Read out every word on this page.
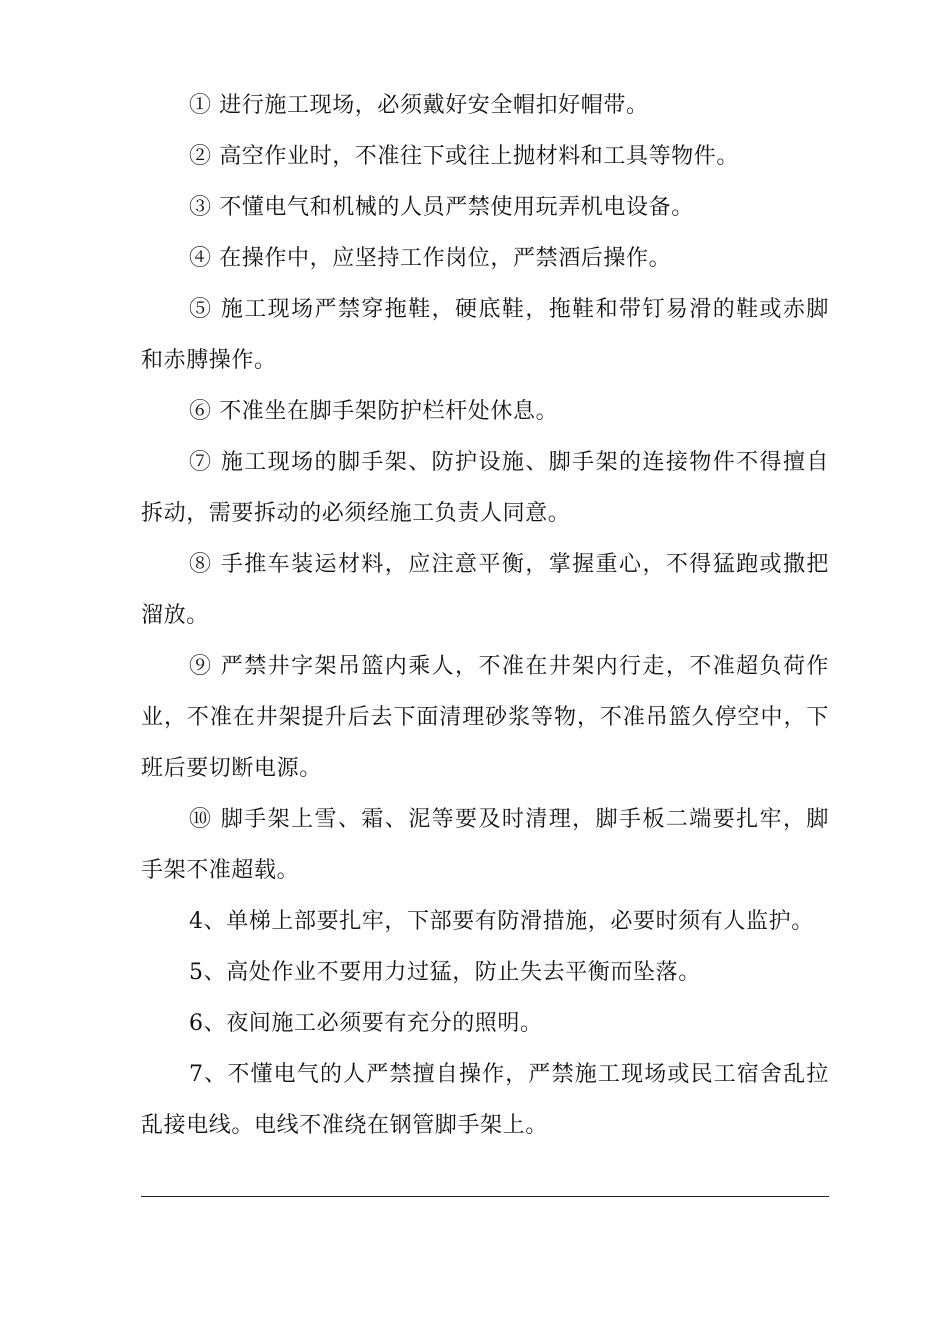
① 进行施工现场，必须戴好安全帽扣好帽带。

② 高空作业时，不准往下或往上抛材料和工具等物件。

③ 不懂电气和机械的人员严禁使用玩弄机电设备。

④ 在操作中，应坚持工作岗位，严禁酒后操作。

⑤ 施工现场严禁穿拖鞋，硬底鞋，拖鞋和带钉易滑的鞋或赤脚和赤膊操作。

⑥ 不准坐在脚手架防护栏杆处休息。

⑦ 施工现场的脚手架、防护设施、脚手架的连接物件不得擅自拆动，需要拆动的必须经施工负责人同意。

⑧ 手推车装运材料，应注意平衡，掌握重心，不得猛跑或撒把溜放。

⑨ 严禁井字架吊篮内乘人，不准在井架内行走，不准超负荷作业，不准在井架提升后去下面清理砂浆等物，不准吊篮久停空中，下班后要切断电源。

⑩ 脚手架上雪、霜、泥等要及时清理，脚手板二端要扎牢，脚手架不准超载。

4、单梯上部要扎牢，下部要有防滑措施，必要时须有人监护。

5、高处作业不要用力过猛，防止失去平衡而坠落。

6、夜间施工必须要有充分的照明。

7、不懂电气的人严禁擅自操作，严禁施工现场或民工宿舍乱拉乱接电线。电线不准绕在钢管脚手架上。
